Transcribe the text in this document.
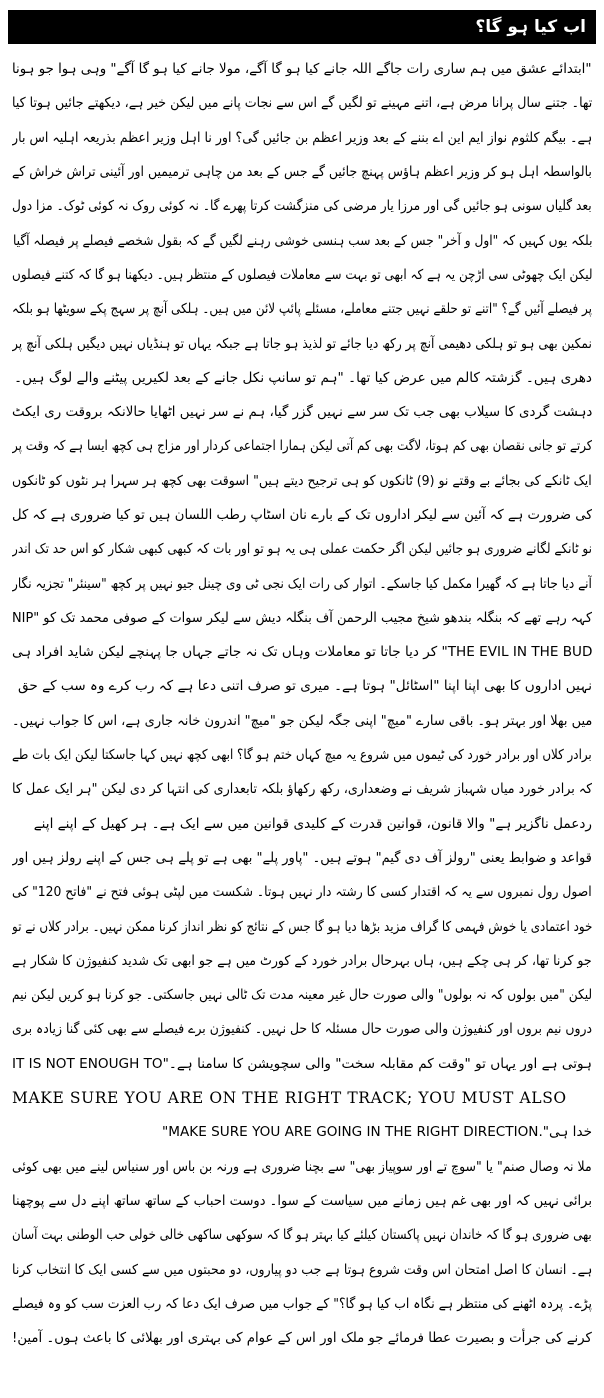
اب کیا ہو گا؟
"ابتدائے عشق میں ہم ساری رات جاگے اللہ جانے کیا ہو گا آگے، مولا جانے کیا ہو گا آگے" وہی ہوا جو ہونا
تھا۔ جتنے سال پرانا مرض ہے، اتنے مہینے تو لگیں گے اس سے نجات پانے میں لیکن خیر ہے، دیکھتے جائیں ہوتا کیا
ہے۔ بیگم کلثوم نواز ایم این اے بننے کے بعد وزیر اعظم بن جائیں گی؟ اور نا اہل وزیر اعظم بذریعہ اہلیہ اس بار
بالواسطہ اہل ہو کر وزیر اعظم ہاؤس پہنچ جائیں گے جس کے بعد من چاہی ترمیمیں اور آئینی تراش خراش کے
بعد گلیاں سونی ہو جائیں گی اور مرزا یار مرضی کی منزگشت کرتا پھرے گا۔ نہ کوئی روک نہ کوئی ٹوک۔ مزا دول
بلکہ یوں کہیں کہ "اول و آخر" جس کے بعد سب ہنسی خوشی رہنے لگیں گے کہ بقول شخصے فیصلے پر فیصلہ آگیا
لیکن ایک چھوٹی سی اڑچن یہ ہے کہ ابھی تو بہت سے معاملات فیصلوں کے منتظر ہیں۔ دیکھنا ہو گا کہ کتنے فیصلوں
پر فیصلے آئیں گے؟ "اتنے تو حلقے نہیں جتنے معاملے، مسئلے پائپ لائن میں ہیں۔ ہلکی آنچ پر سہج پکے سویٹھا ہو بلکہ
نمکین بھی ہو تو ہلکی دھیمی آنچ پر رکھ دیا جائے تو لذیذ ہو جاتا ہے جبکہ یہاں تو ہنڈیاں نہیں دیگیں ہلکی آنچ پر
دھری ہیں۔ گزشتہ کالم میں عرض کیا تھا۔ "ہم تو سانپ نکل جانے کے بعد لکیریں پیٹنے والے لوگ ہیں۔
دہشت گردی کا سیلاب بھی جب تک سر سے نہیں گزر گیا، ہم نے سر نہیں اٹھایا حالانکہ بروقت ری ایکٹ
کرتے تو جانی نقصان بھی کم ہوتا، لاگت بھی کم آتی لیکن ہمارا اجتماعی کردار اور مزاج ہی کچھ ایسا ہے کہ وقت پر
ایک ٹانکے کی بجائے بے وقتے نو (9) ٹانکوں کو ہی ترجیح دیتے ہیں" اسوقت بھی کچھ ہر سہرا ہر نٹوں کو ٹانکوں
کی ضرورت ہے کہ آئین سے لیکر اداروں تک کے بارے نان اسٹاپ رطب اللسان ہیں تو کیا ضروری ہے کہ کل
نو ٹانکے لگانے ضروری ہو جائیں لیکن اگر حکمت عملی ہی یہ ہو تو اور بات کہ کبھی کبھی شکار کو اس حد تک اندر
آنے دیا جاتا ہے کہ گھیرا مکمل کیا جاسکے۔ اتوار کی رات ایک نجی ٹی وی چینل جیو نہیں پر کچھ "سینئر" تجزیہ نگار
کہہ رہے تھے کہ بنگلہ بندھو شیخ مجیب الرحمن آف بنگلہ دیش سے لیکر سوات کے صوفی محمد تک کو "NIP
THE EVIL IN THE BUD" کر دیا جاتا تو معاملات وہاں تک نہ جاتے جہاں جا پہنچے لیکن شاید افراد ہی
نہیں اداروں کا بھی اپنا اپنا "اسٹائل" ہوتا ہے۔ میری تو صرف اتنی دعا ہے کہ رب کرے وہ سب کے حق
میں بھلا اور بہتر ہو۔ باقی سارے "میچ" اپنی جگہ لیکن جو "میچ" اندرون خانہ جاری ہے، اس کا جواب نہیں۔
برادر کلاں اور برادر خورد کی ٹیموں میں شروع یہ میچ کہاں ختم ہو گا؟ ابھی کچھ نہیں کہا جاسکتا لیکن ایک بات طے
کہ برادر خورد میاں شہباز شریف نے وضعداری، رکھ رکھاؤ بلکہ تابعداری کی انتہا کر دی لیکن "ہر ایک عمل کا
ردعمل ناگزیر ہے" والا قانون، قوانین قدرت کے کلیدی قوانین میں سے ایک ہے۔ ہر کھیل کے اپنے اپنے
قواعد و ضوابط یعنی "رولز آف دی گیم" ہوتے ہیں۔ "پاور پلے" بھی ہے تو پلے ہی جس کے اپنے رولز ہیں اور
اصول رول نمبروں سے یہ کہ اقتدار کسی کا رشتہ دار نہیں ہوتا۔ شکست میں لپٹی ہوئی فتح نے "فاتح 120" کی
خود اعتمادی یا خوش فہمی کا گراف مزید بڑھا دیا ہو گا جس کے نتائج کو نظر انداز کرنا ممکن نہیں۔ برادر کلاں نے تو
جو کرنا تھا، کر ہی چکے ہیں، ہاں بہرحال برادر خورد کے کورٹ میں ہے جو ابھی تک شدید کنفیوژن کا شکار ہے
لیکن "میں بولوں کہ نہ بولوں" والی صورت حال غیر معینہ مدت تک ٹالی نہیں جاسکتی۔ جو کرنا ہو کریں لیکن نیم
دروں نیم بروں اور کنفیوژن والی صورت حال مسئلہ کا حل نہیں۔ کنفیوژن برے فیصلے سے بھی کئی گنا زیادہ بری
ہوتی ہے اور یہاں تو "وقت کم مقابلہ سخت" والی سچویشن کا سامنا ہے۔"IT IS NOT ENOUGH TO
MAKE SURE YOU ARE ON THE RIGHT TRACK; YOU MUST ALSO
خدا ہی".MAKE SURE YOU ARE GOING IN THE RIGHT DIRECTION"
ملا نہ وصال صنم" یا "سوچ تے اور سوپیاز بھی" سے بچنا ضروری ہے ورنہ بن باس اور سنیاس لینے میں بھی کوئی
برائی نہیں کہ اور بھی غم ہیں زمانے میں سیاست کے سوا۔ دوست احباب کے ساتھ ساتھ اپنے دل سے پوچھنا
بھی ضروری ہو گا کہ خاندان نہیں پاکستان کیلئے کیا بہتر ہو گا کہ سوکھی ساکھی خالی خولی حب الوطنی بہت آسان
ہے۔ انسان کا اصل امتحان اس وقت شروع ہوتا ہے جب دو پیاروں، دو محبتوں میں سے کسی ایک کا انتخاب کرنا
پڑے۔ پردہ اٹھنے کی منتظر ہے نگاہ اب کیا ہو گا؟" کے جواب میں صرف ایک دعا کہ رب العزت سب کو وہ فیصلے
کرنے کی جرأت و بصیرت عطا فرمائے جو ملک اور اس کے عوام کی بہتری اور بھلائی کا باعث ہوں۔ آمین!
